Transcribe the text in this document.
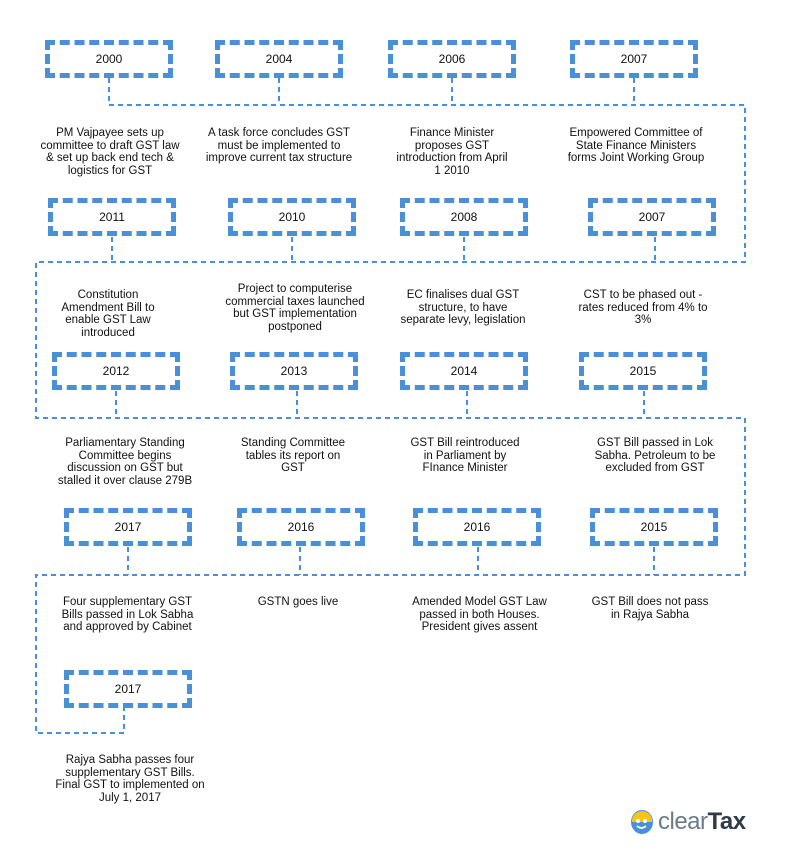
2000	2004	2006	2007
PM Vajpayee sets up committee to draft GST law & set up back end tech & logistics for GST
A task force concludes GST must be implemented to improve current tax structure
Finance Minister proposes GST introduction from April 1 2010
Empowered Committee of State Finance Ministers forms Joint Working Group
2011	2010	2008	2007
Constitution Amendment Bill to enable GST Law introduced
Project to computerise commercial taxes launched but GST implementation postponed
EC finalises dual GST structure, to have separate levy, legislation
CST to be phased out - rates reduced from 4% to 3%
2012	2013	2014	2015
Parliamentary Standing Committee begins discussion on GST but stalled it over clause 279B
Standing Committee tables its report on GST
GST Bill reintroduced in Parliament by FInance Minister
GST Bill passed in Lok Sabha. Petroleum to be excluded from GST
2017	2016	2016	2015
Four supplementary GST Bills passed in Lok Sabha and approved by Cabinet
GSTN goes live	Amended Model GST Law passed in both Houses. President gives assent
GST Bill does not pass in Rajya Sabha
2017
Rajya Sabha passes four supplementary GST Bills. Final GST to implemented on July 1, 2017
clearTax
